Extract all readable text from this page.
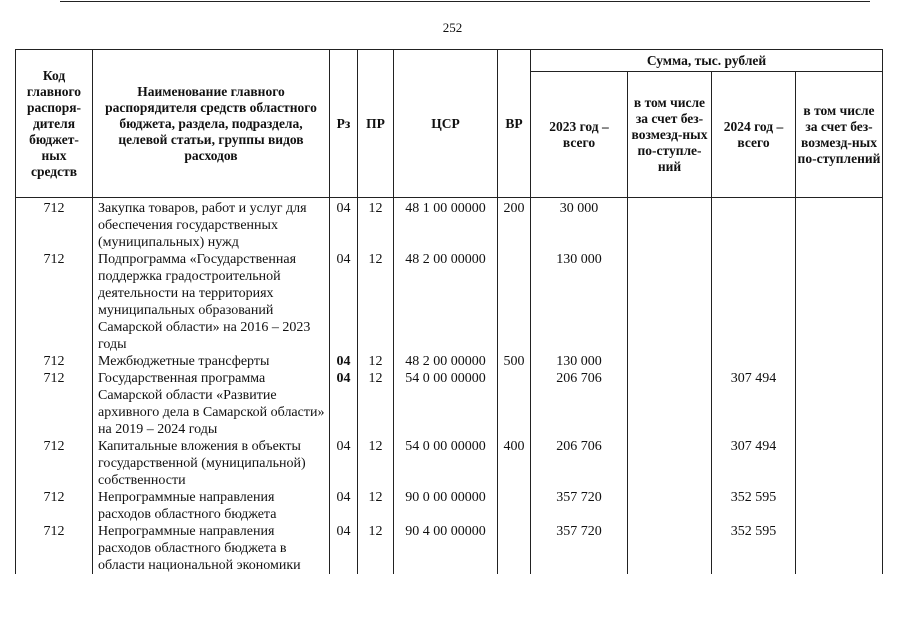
252
Код главного распоря-дителя бюджет-ных средств	Наименование главного распорядителя средств областного бюджета, раздела, подраздела, целевой статьи, группы видов расходов	Рз	ПР	ЦСР	ВР	Сумма, тыс. рублей			
						2023 год – всего	в том числе за счет без-возмезд-ных по-ступле-ний	2024 год – всего	в том числе за счет без-возмезд-ных по-ступлений
712	Закупка товаров, работ и услуг для обеспечения государственных (муниципальных) нужд	04	12	48 1 00 00000	200	30 000			
712	Подпрограмма «Государственная поддержка градостроительной деятельности на территориях муниципальных образований Самарской области» на 2016 – 2023 годы	04	12	48 2 00 00000		130 000			
712	Межбюджетные трансферты	04	12	48 2 00 00000	500	130 000			
712	Государственная программа Самарской области «Развитие архивного дела в Самарской области» на 2019 – 2024 годы	04	12	54 0 00 00000		206 706		307 494	
712	Капитальные вложения в объекты государственной (муниципальной) собственности	04	12	54 0 00 00000	400	206 706		307 494	
712	Непрограммные направления расходов областного бюджета	04	12	90 0 00 00000		357 720		352 595	
712	Непрограммные направления расходов областного бюджета в области национальной экономики	04	12	90 4 00 00000		357 720		352 595	
